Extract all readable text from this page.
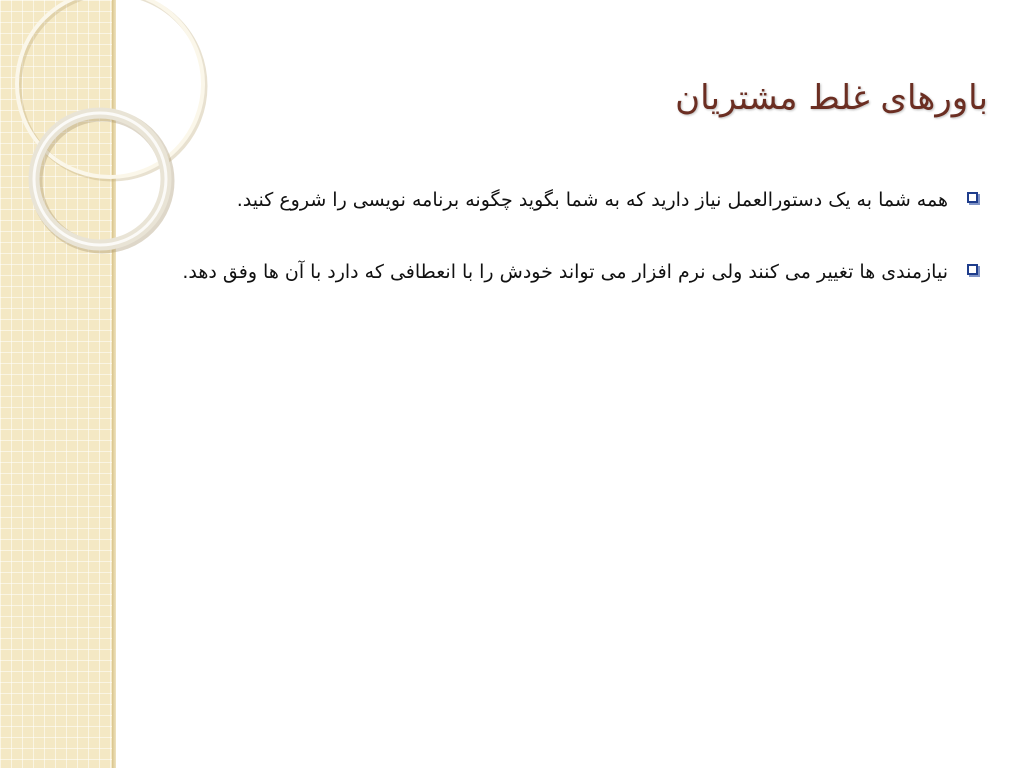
باورهای غلط مشتریان
همه شما به یک دستورالعمل نیاز دارید که به شما بگوید چگونه برنامه نویسی را شروع کنید.
نیازمندی ها تغییر می کنند ولی نرم افزار می تواند خودش را با انعطافی که دارد با آن ها وفق دهد.
